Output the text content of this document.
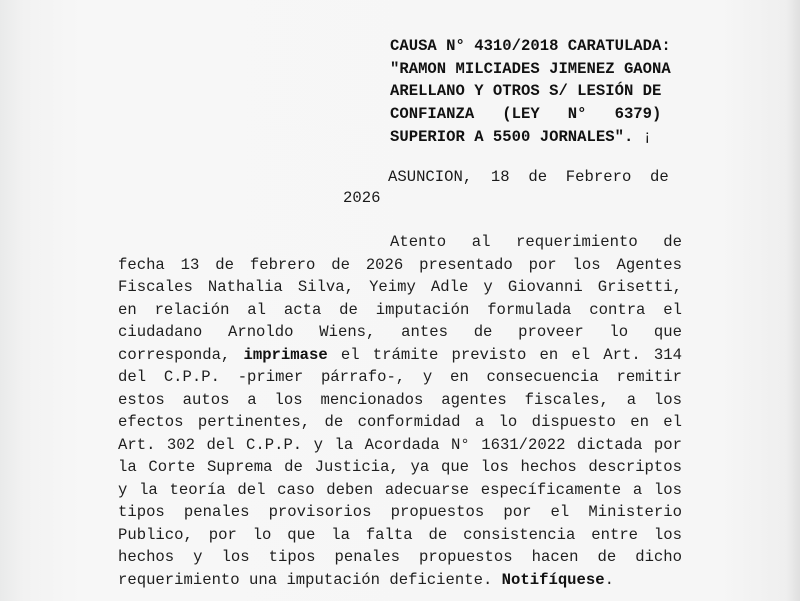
CAUSA N° 4310/2018 CARATULADA:
"RAMON MILCIADES JIMENEZ GAONA
ARELLANO Y OTROS S/ LESIÓN DE
CONFIANZA   (LEY   N°   6379)
SUPERIOR A 5500 JORNALES". ¡
ASUNCION,  18  de  Febrero  de
2026
Atento al requerimiento de
fecha 13 de febrero de 2026 presentado por los Agentes
Fiscales Nathalia Silva, Yeimy Adle y Giovanni Grisetti,
en relación al acta de imputación formulada contra el
ciudadano Arnoldo Wiens, antes de proveer lo que
corresponda, imprimase el trámite previsto en el Art. 314
del C.P.P. -primer párrafo-, y en consecuencia remitir
estos autos a los mencionados agentes fiscales, a los
efectos pertinentes, de conformidad a lo dispuesto en el
Art. 302 del C.P.P. y la Acordada N° 1631/2022 dictada por
la Corte Suprema de Justicia, ya que los hechos descriptos
y la teoría del caso deben adecuarse específicamente a los
tipos penales provisorios propuestos por el Ministerio
Publico, por lo que la falta de consistencia entre los
hechos y los tipos penales propuestos hacen de dicho
requerimiento una imputación deficiente. Notifíquese.
